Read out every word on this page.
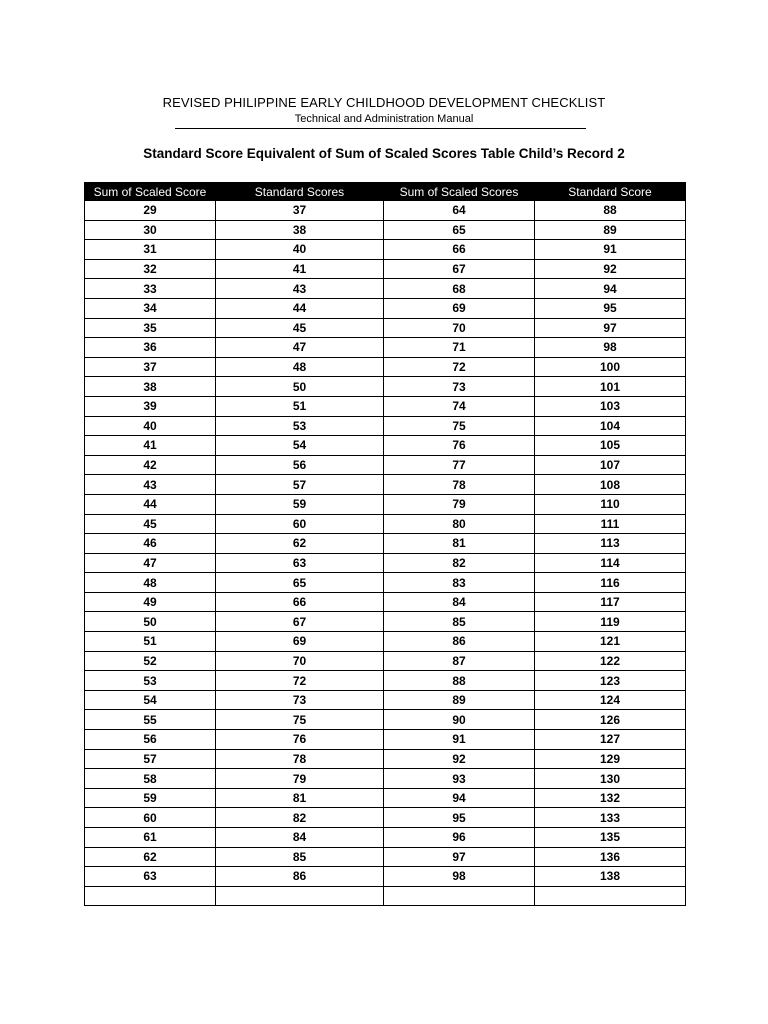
REVISED PHILIPPINE EARLY CHILDHOOD DEVELOPMENT CHECKLIST
Technical and Administration Manual
Standard Score Equivalent of Sum of Scaled Scores Table Child’s Record 2
Sum of Scaled Score	Standard Scores	Sum of Scaled Scores	Standard Score
29	37	64	88
30	38	65	89
31	40	66	91
32	41	67	92
33	43	68	94
34	44	69	95
35	45	70	97
36	47	71	98
37	48	72	100
38	50	73	101
39	51	74	103
40	53	75	104
41	54	76	105
42	56	77	107
43	57	78	108
44	59	79	110
45	60	80	111
46	62	81	113
47	63	82	114
48	65	83	116
49	66	84	117
50	67	85	119
51	69	86	121
52	70	87	122
53	72	88	123
54	73	89	124
55	75	90	126
56	76	91	127
57	78	92	129
58	79	93	130
59	81	94	132
60	82	95	133
61	84	96	135
62	85	97	136
63	86	98	138
